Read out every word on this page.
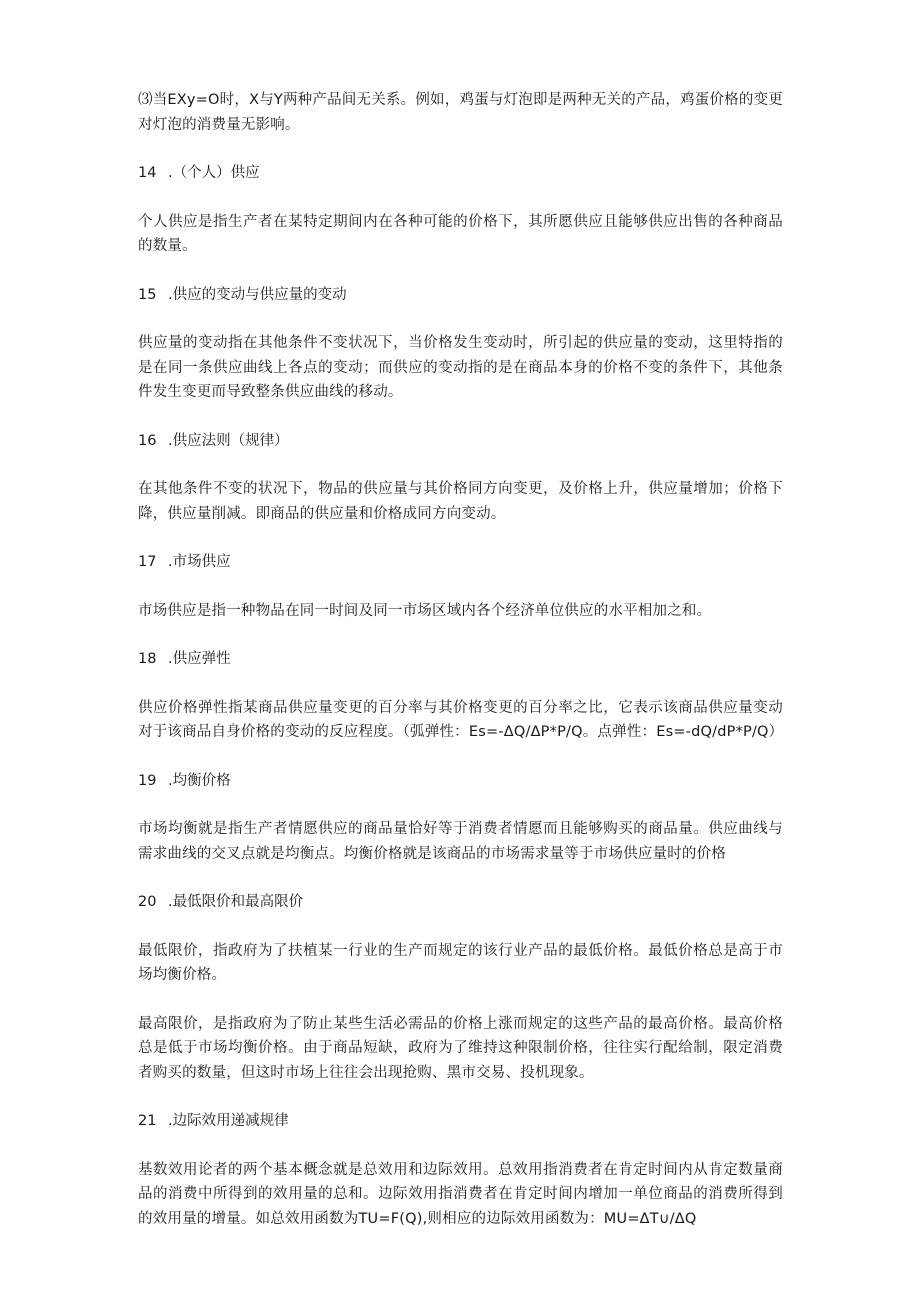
⑶当EXy=O时，X与Y两种产品间无关系。例如，鸡蛋与灯泡即是两种无关的产品，鸡蛋价格的变更对灯泡的消费量无影响。

14 .（个人）供应

个人供应是指生产者在某特定期间内在各种可能的价格下，其所愿供应且能够供应出售的各种商品的数量。

15 .供应的变动与供应量的变动

供应量的变动指在其他条件不变状况下，当价格发生变动时，所引起的供应量的变动，这里特指的是在同一条供应曲线上各点的变动；而供应的变动指的是在商品本身的价格不变的条件下，其他条件发生变更而导致整条供应曲线的移动。

16 .供应法则（规律）

在其他条件不变的状况下，物品的供应量与其价格同方向变更，及价格上升，供应量增加；价格下降，供应量削减。即商品的供应量和价格成同方向变动。

17 .市场供应

市场供应是指一种物品在同一时间及同一市场区域内各个经济单位供应的水平相加之和。

18 .供应弹性

供应价格弹性指某商品供应量变更的百分率与其价格变更的百分率之比，它表示该商品供应量变动对于该商品自身价格的变动的反应程度。（弧弹性：Es=-ΔQ/ΔP*P/Q。点弹性：Es=-dQ/dP*P/Q）

19 .均衡价格

市场均衡就是指生产者情愿供应的商品量恰好等于消费者情愿而且能够购买的商品量。供应曲线与需求曲线的交叉点就是均衡点。均衡价格就是该商品的市场需求量等于市场供应量时的价格

20 .最低限价和最高限价

最低限价，指政府为了扶植某一行业的生产而规定的该行业产品的最低价格。最低价格总是高于市场均衡价格。

最高限价，是指政府为了防止某些生活必需品的价格上涨而规定的这些产品的最高价格。最高价格总是低于市场均衡价格。由于商品短缺，政府为了维持这种限制价格，往往实行配给制，限定消费者购买的数量，但这时市场上往往会出现抢购、黑市交易、投机现象。

21 .边际效用递减规律

基数效用论者的两个基本概念就是总效用和边际效用。总效用指消费者在肯定时间内从肯定数量商品的消费中所得到的效用量的总和。边际效用指消费者在肯定时间内增加一单位商品的消费所得到的效用量的增量。如总效用函数为TU=F(Q),则相应的边际效用函数为：MU=ΔT∪/ΔQ
